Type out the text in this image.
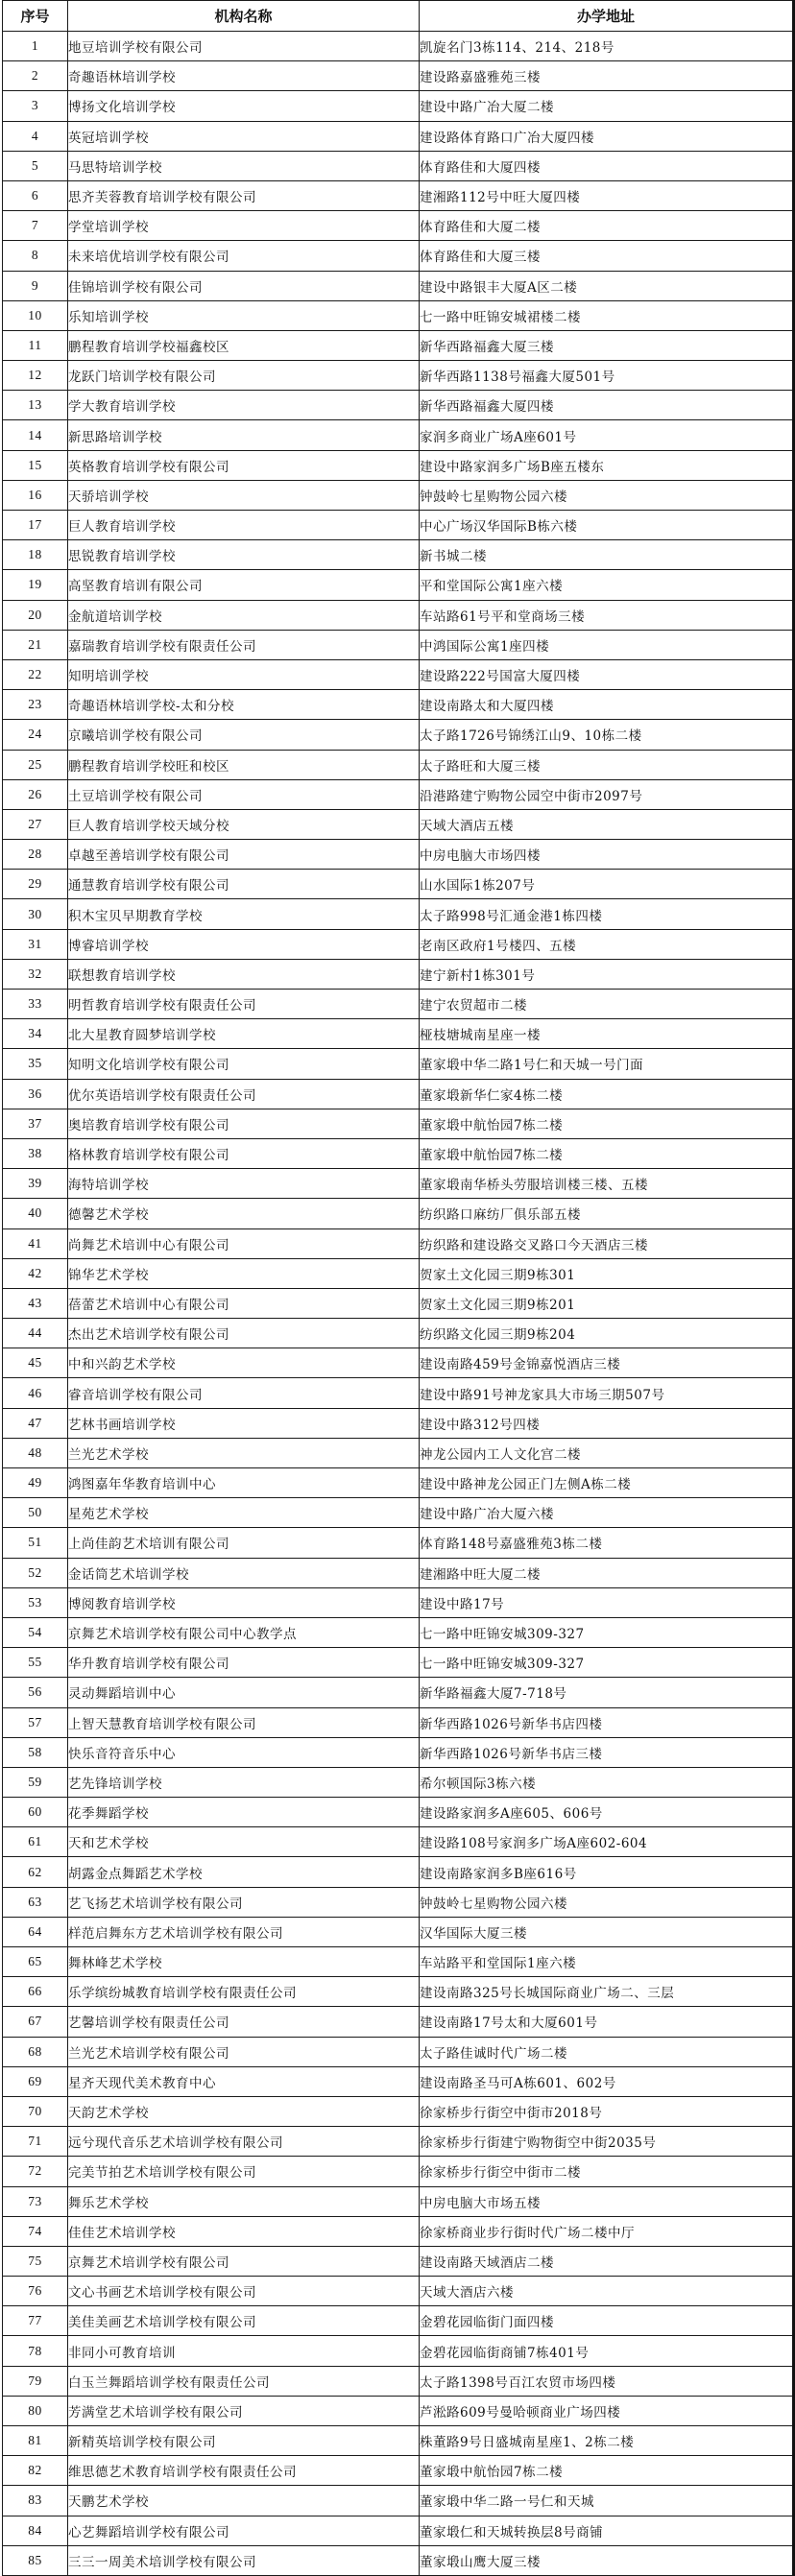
序号	机构名称	办学地址
1	地豆培训学校有限公司	凯旋名门3栋114、214、218号
2	奇趣语林培训学校	建设路嘉盛雅苑三楼
3	博扬文化培训学校	建设中路广冶大厦二楼
4	英冠培训学校	建设路体育路口广冶大厦四楼
5	马思特培训学校	体育路佳和大厦四楼
6	思齐芙蓉教育培训学校有限公司	建湘路112号中旺大厦四楼
7	学堂培训学校	体育路佳和大厦二楼
8	未来培优培训学校有限公司	体育路佳和大厦三楼
9	佳锦培训学校有限公司	建设中路银丰大厦A区二楼
10	乐知培训学校	七一路中旺锦安城裙楼二楼
11	鹏程教育培训学校福鑫校区	新华西路福鑫大厦三楼
12	龙跃门培训学校有限公司	新华西路1138号福鑫大厦501号
13	学大教育培训学校	新华西路福鑫大厦四楼
14	新思路培训学校	家润多商业广场A座601号
15	英格教育培训学校有限公司	建设中路家润多广场B座五楼东
16	天骄培训学校	钟鼓岭七星购物公园六楼
17	巨人教育培训学校	中心广场汉华国际B栋六楼
18	思锐教育培训学校	新书城二楼
19	高坚教育培训有限公司	平和堂国际公寓1座六楼
20	金航道培训学校	车站路61号平和堂商场三楼
21	嘉瑞教育培训学校有限责任公司	中鸿国际公寓1座四楼
22	知明培训学校	建设路222号国富大厦四楼
23	奇趣语林培训学校-太和分校	建设南路太和大厦四楼
24	京曦培训学校有限公司	太子路1726号锦绣江山9、10栋二楼
25	鹏程教育培训学校旺和校区	太子路旺和大厦三楼
26	土豆培训学校有限公司	沿港路建宁购物公园空中街市2097号
27	巨人教育培训学校天域分校	天域大酒店五楼
28	卓越至善培训学校有限公司	中房电脑大市场四楼
29	通慧教育培训学校有限公司	山水国际1栋207号
30	积木宝贝早期教育学校	太子路998号汇通金港1栋四楼
31	博睿培训学校	老南区政府1号楼四、五楼
32	联想教育培训学校	建宁新村1栋301号
33	明哲教育培训学校有限责任公司	建宁农贸超市二楼
34	北大星教育圆梦培训学校	桠枝塘城南星座一楼
35	知明文化培训学校有限公司	董家塅中华二路1号仁和天城一号门面
36	优尔英语培训学校有限责任公司	董家塅新华仁家4栋二楼
37	奥培教育培训学校有限公司	董家塅中航怡园7栋二楼
38	格林教育培训学校有限公司	董家塅中航怡园7栋二楼
39	海特培训学校	董家塅南华桥头劳服培训楼三楼、五楼
40	德馨艺术学校	纺织路口麻纺厂俱乐部五楼
41	尚舞艺术培训中心有限公司	纺织路和建设路交叉路口今天酒店三楼
42	锦华艺术学校	贺家土文化园三期9栋301
43	蓓蕾艺术培训中心有限公司	贺家土文化园三期9栋201
44	杰出艺术培训学校有限公司	纺织路文化园三期9栋204
45	中和兴韵艺术学校	建设南路459号金锦嘉悦酒店三楼
46	睿音培训学校有限公司	建设中路91号神龙家具大市场三期507号
47	艺林书画培训学校	建设中路312号四楼
48	兰光艺术学校	神龙公园内工人文化宫二楼
49	鸿图嘉年华教育培训中心	建设中路神龙公园正门左侧A栋二楼
50	星苑艺术学校	建设中路广冶大厦六楼
51	上尚佳韵艺术培训有限公司	体育路148号嘉盛雅苑3栋二楼
52	金话筒艺术培训学校	建湘路中旺大厦二楼
53	博阅教育培训学校	建设中路17号
54	京舞艺术培训学校有限公司中心教学点	七一路中旺锦安城309-327
55	华升教育培训学校有限公司	七一路中旺锦安城309-327
56	灵动舞蹈培训中心	新华路福鑫大厦7-718号
57	上智天慧教育培训学校有限公司	新华西路1026号新华书店四楼
58	快乐音符音乐中心	新华西路1026号新华书店三楼
59	艺先锋培训学校	希尔顿国际3栋六楼
60	花季舞蹈学校	建设路家润多A座605、606号
61	天和艺术学校	建设路108号家润多广场A座602-604
62	胡露金点舞蹈艺术学校	建设南路家润多B座616号
63	艺飞扬艺术培训学校有限公司	钟鼓岭七星购物公园六楼
64	样范启舞东方艺术培训学校有限公司	汉华国际大厦三楼
65	舞林峰艺术学校	车站路平和堂国际1座六楼
66	乐学缤纷城教育培训学校有限责任公司	建设南路325号长城国际商业广场二、三层
67	艺馨培训学校有限责任公司	建设南路17号太和大厦601号
68	兰光艺术培训学校有限公司	太子路佳诚时代广场二楼
69	星齐天现代美术教育中心	建设南路圣马可A栋601、602号
70	天韵艺术学校	徐家桥步行街空中街市2018号
71	远兮现代音乐艺术培训学校有限公司	徐家桥步行街建宁购物街空中街2035号
72	完美节拍艺术培训学校有限公司	徐家桥步行街空中街市二楼
73	舞乐艺术学校	中房电脑大市场五楼
74	佳佳艺术培训学校	徐家桥商业步行街时代广场二楼中厅
75	京舞艺术培训学校有限公司	建设南路天域酒店二楼
76	文心书画艺术培训学校有限公司	天域大酒店六楼
77	美佳美画艺术培训学校有限公司	金碧花园临街门面四楼
78	非同小可教育培训	金碧花园临街商铺7栋401号
79	白玉兰舞蹈培训学校有限责任公司	太子路1398号百江农贸市场四楼
80	芳满堂艺术培训学校有限公司	芦淞路609号曼哈顿商业广场四楼
81	新精英培训学校有限公司	株董路9号日盛城南星座1、2栋二楼
82	维思德艺术教育培训学校有限责任公司	董家塅中航怡园7栋二楼
83	天鹏艺术学校	董家塅中华二路一号仁和天城
84	心艺舞蹈培训学校有限公司	董家塅仁和天城转换层8号商铺
85	三三一周美术培训学校有限公司	董家塅山鹰大厦三楼
